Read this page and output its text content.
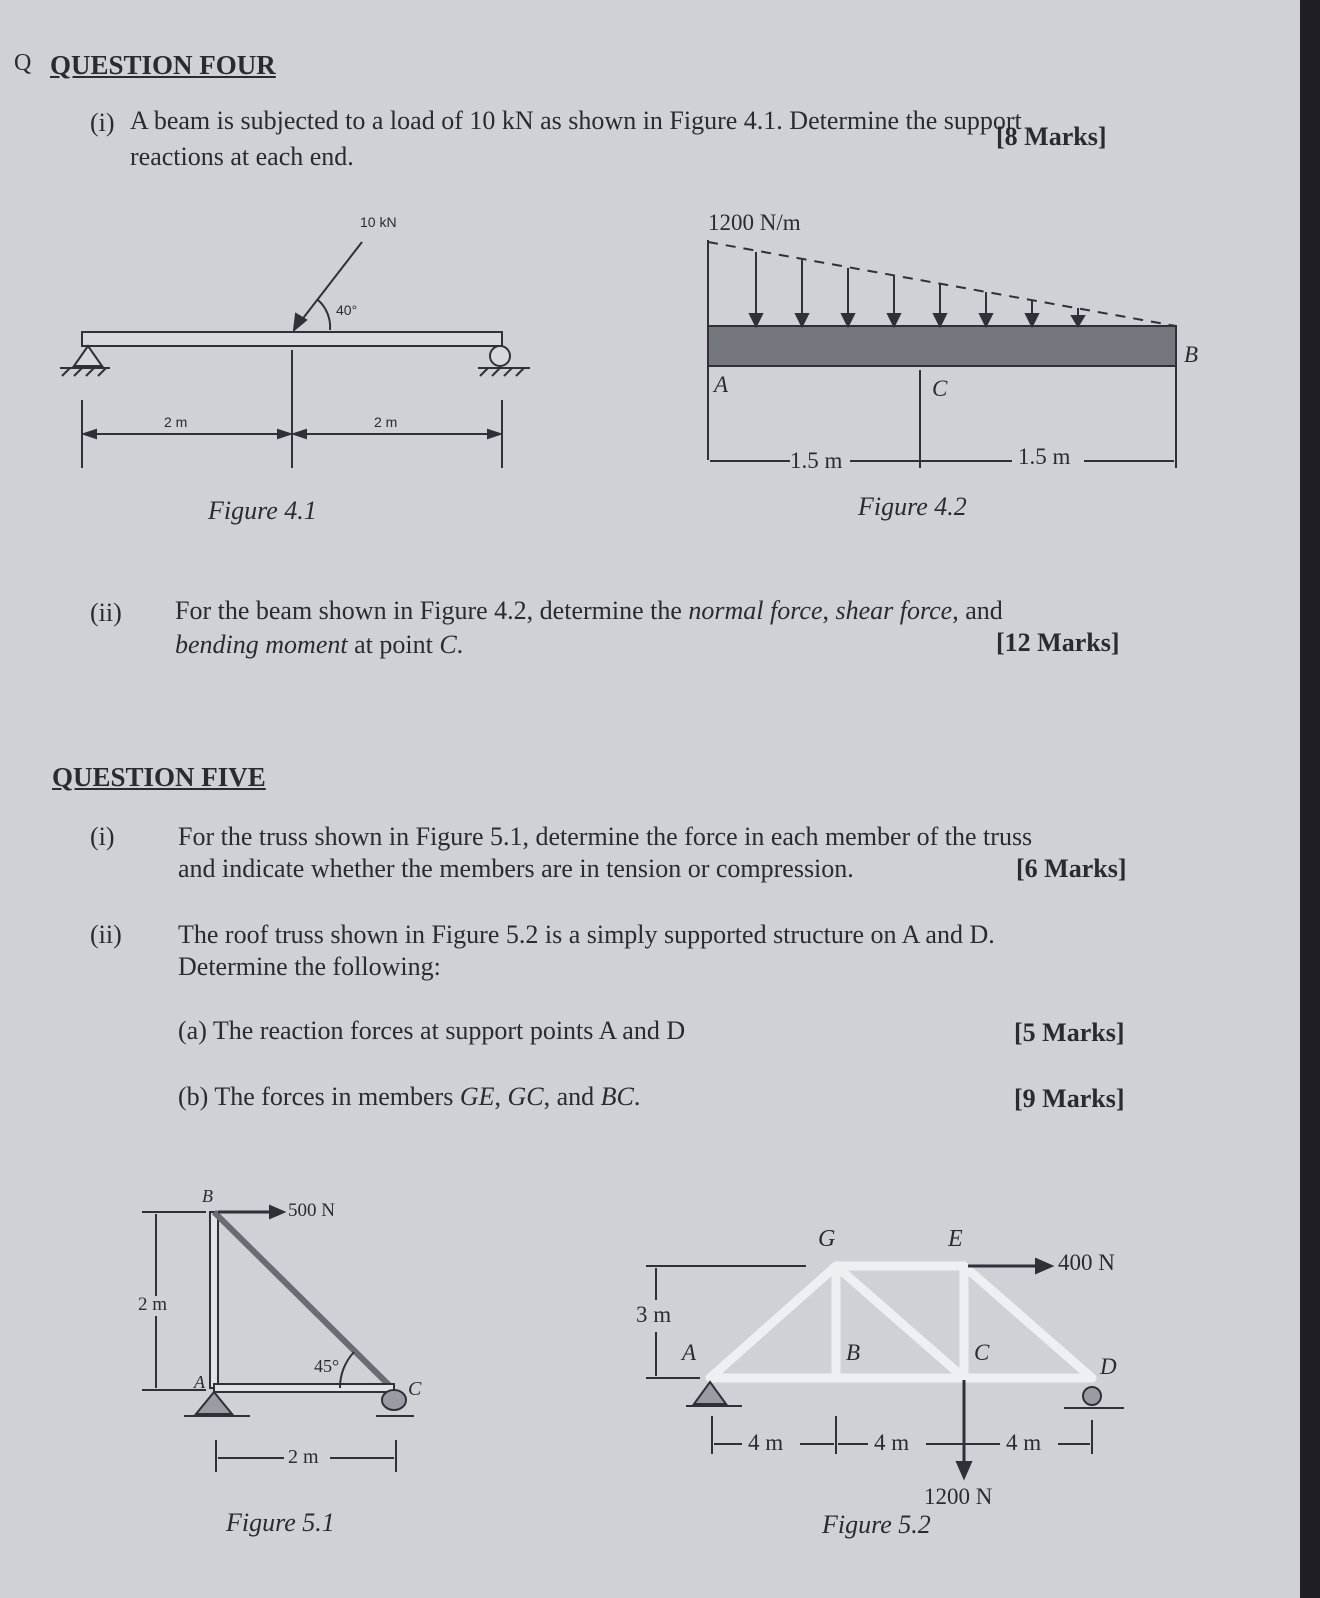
Q QUESTION FOUR
(i) A beam is subjected to a load of 10 kN as shown in Figure 4.1. Determine the support
reactions at each end.
[8 Marks]
10 kN
40°
2 m	2 m
Figure 4.1
1200 N/m
A	C
B
1.5 m	1.5 m
Figure 4.2
(ii) For the beam shown in Figure 4.2, determine the normal force, shear force, and
bending moment at point C.	[12 Marks]
QUESTION FIVE
(i) For the truss shown in Figure 5.1, determine the force in each member of the truss
and indicate whether the members are in tension or compression.	[6 Marks]
(ii) The roof truss shown in Figure 5.2 is a simply supported structure on A and D.
Determine the following:
(a) The reaction forces at support points A and D	[5 Marks]
(b) The forces in members GE, GC, and BC.	[9 Marks]
B
500 N
2 m
45°
A	C
2 m
Figure 5.1
G	E
400 N
3 m
A	B	C
D
4 m	4 m	4 m
1200 N
Figure 5.2
